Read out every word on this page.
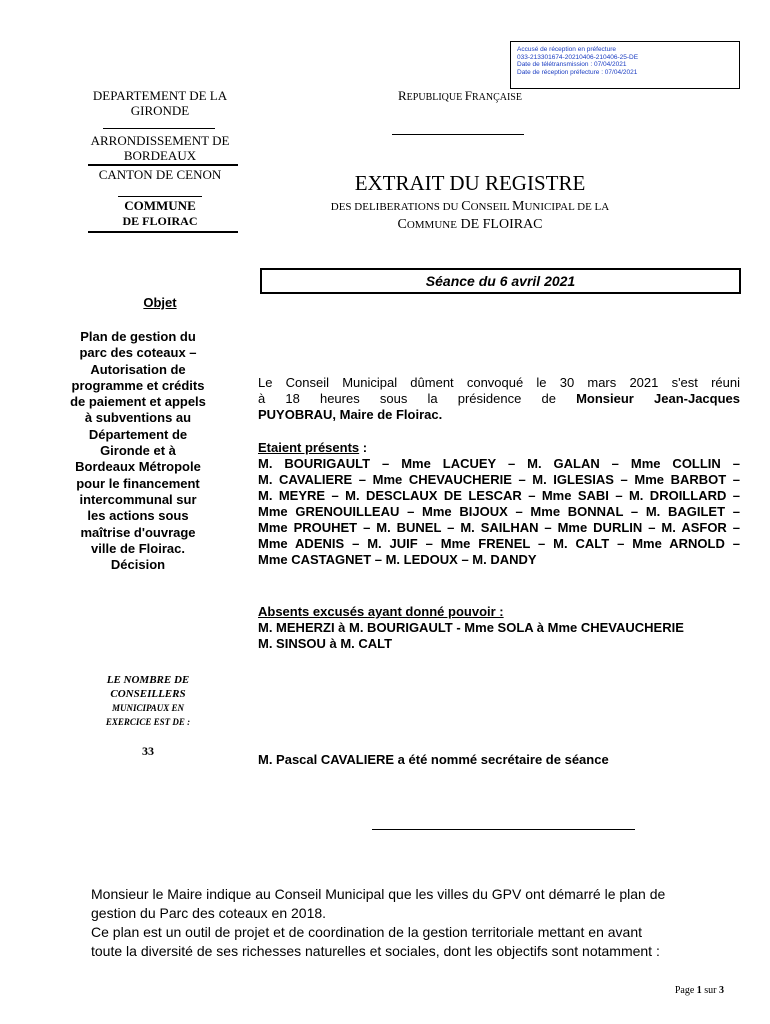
Accusé de réception en préfecture
033-213301674-20210406-210406-25-DE
Date de télétransmission : 07/04/2021
Date de réception préfecture : 07/04/2021
DEPARTEMENT DE LA GIRONDE
ARRONDISSEMENT DE BORDEAUX
CANTON DE CENON
COMMUNE
DE FLOIRAC
REPUBLIQUE FRANÇAISE
EXTRAIT DU REGISTRE
DES DELIBERATIONS DU CONSEIL MUNICIPAL DE LA
COMMUNE DE FLOIRAC
Séance du 6 avril 2021
Objet
Plan de gestion du parc des coteaux – Autorisation de programme et crédits de paiement et appels à subventions au Département de Gironde et à Bordeaux Métropole pour le financement intercommunal sur les actions sous maîtrise d'ouvrage ville de Floirac. Décision
LE NOMBRE DE
CONSEILLERS
MUNICIPAUX EN
EXERCICE EST DE :
33
Le Conseil Municipal dûment convoqué le 30 mars 2021 s'est réuni
à 18 heures sous la présidence de Monsieur Jean-Jacques
PUYOBRAU, Maire de Floirac.
Etaient présents :
M. BOURIGAULT – Mme LACUEY – M. GALAN – Mme COLLIN –
M. CAVALIERE – Mme CHEVAUCHERIE – M. IGLESIAS – Mme BARBOT –
M. MEYRE – M. DESCLAUX DE LESCAR – Mme SABI – M. DROILLARD –
Mme GRENOUILLEAU – Mme BIJOUX – Mme BONNAL – M. BAGILET –
Mme PROUHET – M. BUNEL – M. SAILHAN – Mme DURLIN – M. ASFOR –
Mme ADENIS – M. JUIF – Mme FRENEL – M. CALT – Mme ARNOLD –
Mme CASTAGNET – M. LEDOUX – M. DANDY
Absents excusés ayant donné pouvoir :
M. MEHERZI à M. BOURIGAULT - Mme SOLA à Mme CHEVAUCHERIE
M. SINSOU à M. CALT
M. Pascal CAVALIERE a été nommé secrétaire de séance
Monsieur le Maire indique au Conseil Municipal que les villes du GPV ont démarré le plan de
gestion du Parc des coteaux en 2018.
Ce plan est un outil de projet et de coordination de la gestion territoriale mettant en avant
toute la diversité de ses richesses naturelles et sociales, dont les objectifs sont notamment :
Page 1 sur 3
